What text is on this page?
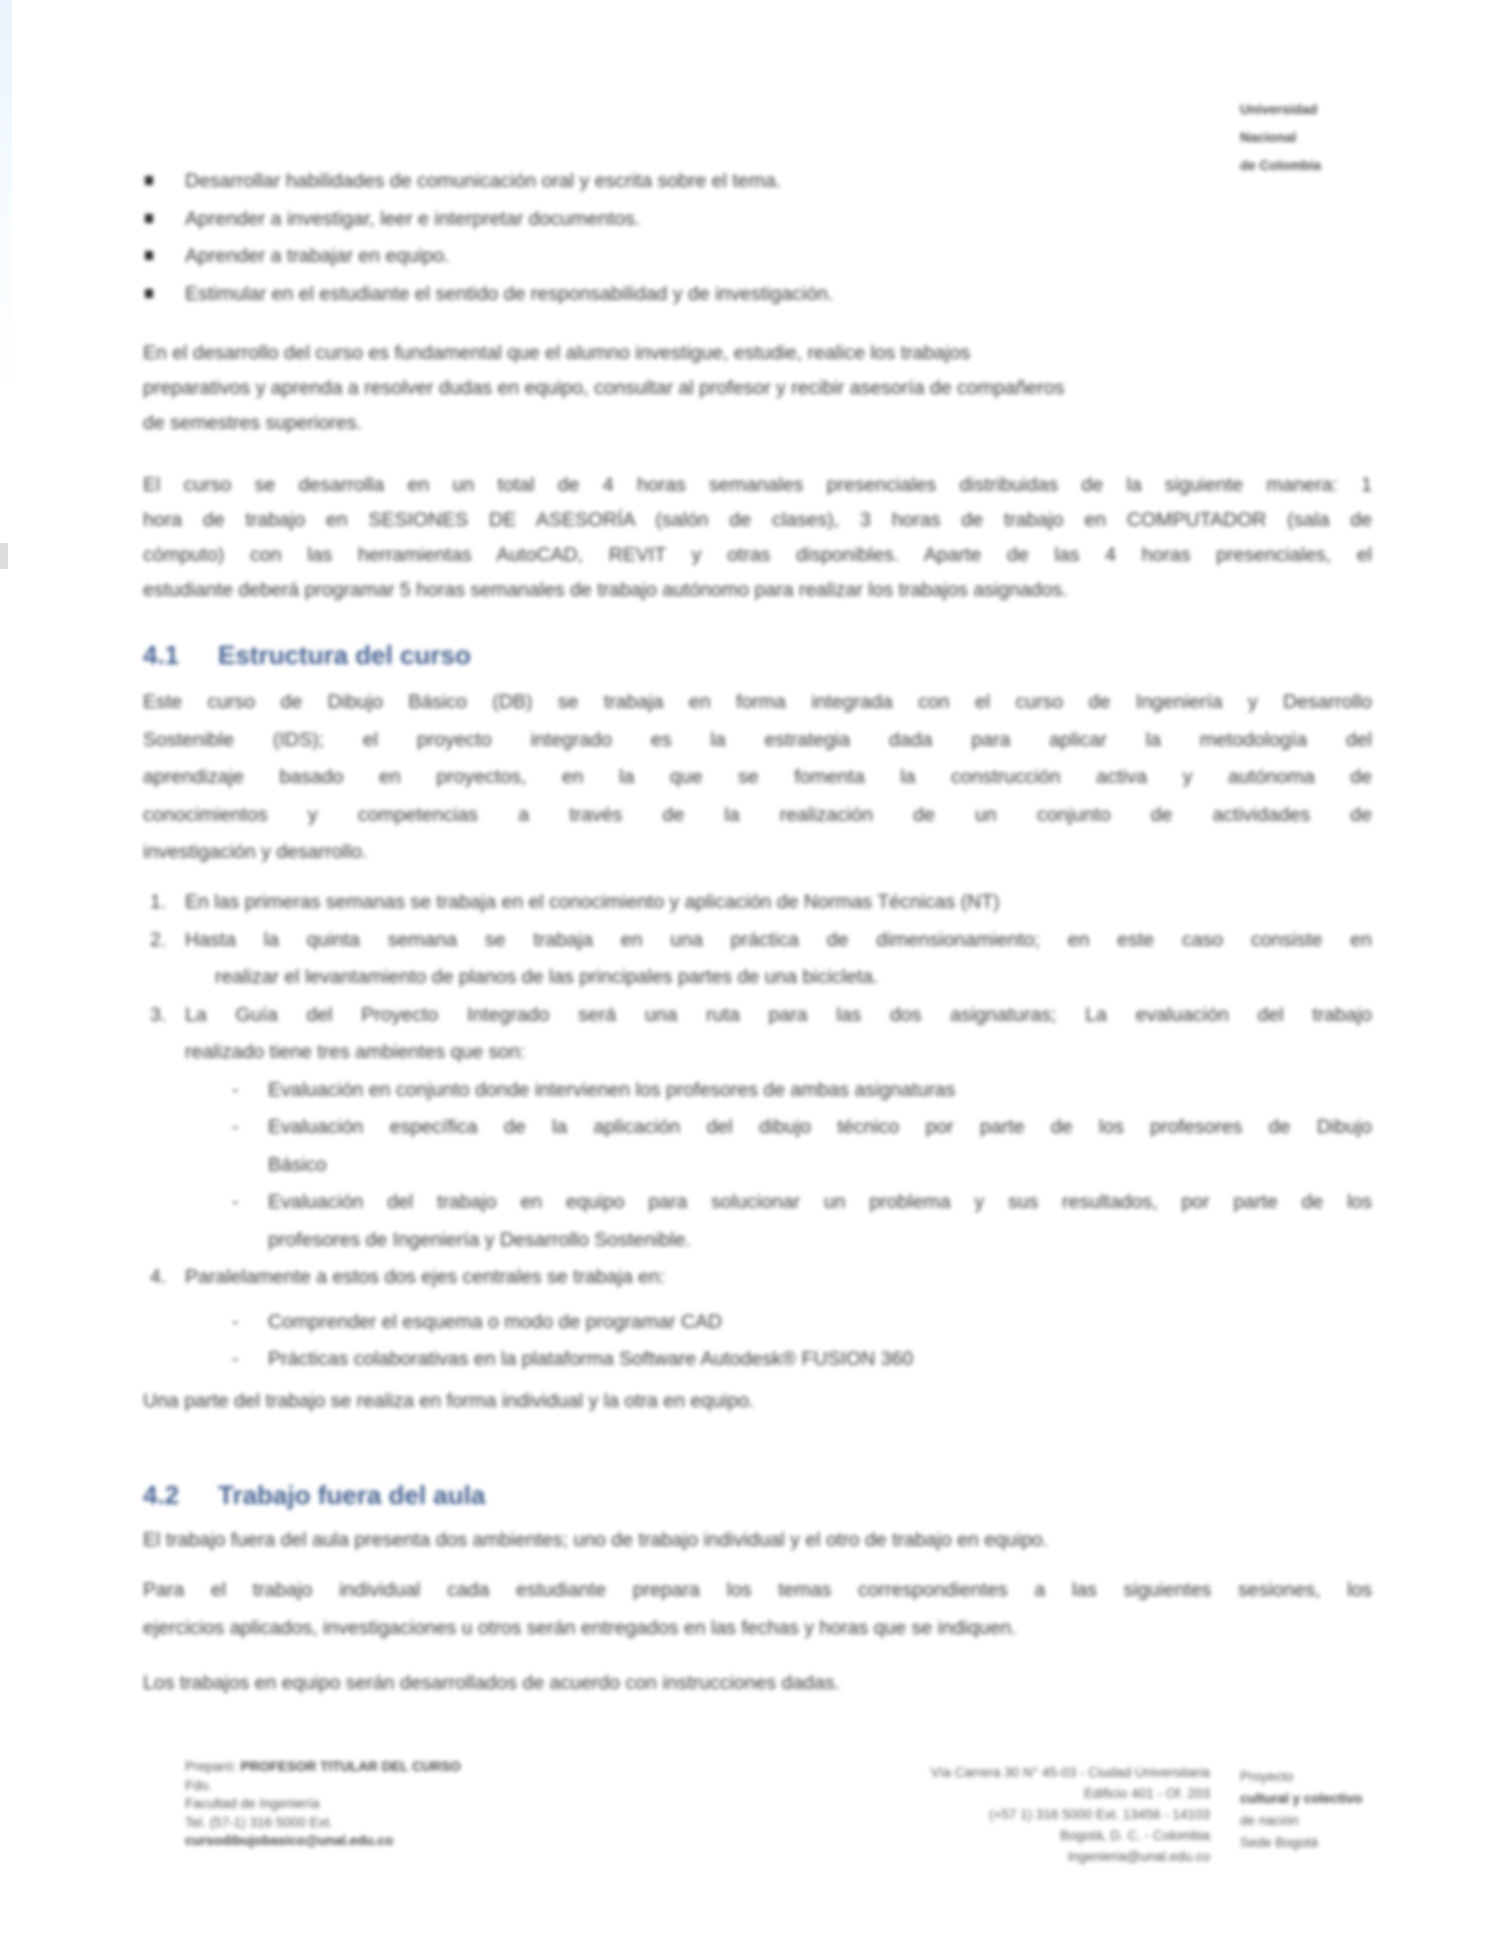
Universidad
Nacional
de Colombia
Desarrollar habilidades de comunicación oral y escrita sobre el tema.
Aprender a investigar, leer e interpretar documentos.
Aprender a trabajar en equipo.
Estimular en el estudiante el sentido de responsabilidad y de investigación.
En el desarrollo del curso es fundamental que el alumno investigue, estudie, realice los trabajos
preparativos y aprenda a resolver dudas en equipo, consultar al profesor y recibir asesoría de compañeros
de semestres superiores.
El curso se desarrolla en un total de 4 horas semanales presenciales distribuidas de la siguiente manera: 1
hora de trabajo en SESIONES DE ASESORÍA (salón de clases), 3 horas de trabajo en COMPUTADOR (sala de
cómputo) con las herramientas AutoCAD, REVIT y otras disponibles. Aparte de las 4 horas presenciales, el
estudiante deberá programar 5 horas semanales de trabajo autónomo para realizar los trabajos asignados.
4.1 Estructura del curso
Este curso de Dibujo Básico (DB) se trabaja en forma integrada con el curso de Ingeniería y Desarrollo
Sostenible (IDS); el proyecto integrado es la estrategia dada para aplicar la metodología del
aprendizaje basado en proyectos, en la que se fomenta la construcción activa y autónoma de
conocimientos y competencias a través de la realización de un conjunto de actividades de
investigación y desarrollo.
1. En las primeras semanas se trabaja en el conocimiento y aplicación de Normas Técnicas (NT)
2. Hasta la quinta semana se trabaja en una práctica de dimensionamiento; en este caso consiste en
realizar el levantamiento de planos de las principales partes de una bicicleta.
3. La Guía del Proyecto Integrado será una ruta para las dos asignaturas; La evaluación del trabajo
realizado tiene tres ambientes que son:
- Evaluación en conjunto donde intervienen los profesores de ambas asignaturas
- Evaluación específica de la aplicación del dibujo técnico por parte de los profesores de Dibujo
Básico
- Evaluación del trabajo en equipo para solucionar un problema y sus resultados, por parte de los
profesores de Ingeniería y Desarrollo Sostenible.
4. Paralelamente a estos dos ejes centrales se trabaja en:
- Comprender el esquema o modo de programar CAD
- Prácticas colaborativas en la plataforma Software Autodesk® FUSION 360
Una parte del trabajo se realiza en forma individual y la otra en equipo.
4.2 Trabajo fuera del aula
El trabajo fuera del aula presenta dos ambientes; uno de trabajo individual y el otro de trabajo en equipo.
Para el trabajo individual cada estudiante prepara los temas correspondientes a las siguientes sesiones, los
ejercicios aplicados, investigaciones u otros serán entregados en las fechas y horas que se indiquen.
Los trabajos en equipo serán desarrollados de acuerdo con instrucciones dadas.
Preparó: PROFESOR TITULAR DEL CURSO
Fdo.
Facultad de Ingeniería
Tel. (57-1) 316 5000 Ext.
cursodibujobasico@unal.edu.co
Vía Carrera 30 N° 45-03 - Ciudad Universitaria
Edificio 401 - Of. 203
(+57 1) 316 5000 Ext. 13456 - 14103
Bogotá, D. C. - Colombia
ingenieria@unal.edu.co
Proyecto
cultural y colectivo
de nación
Sede Bogotá
